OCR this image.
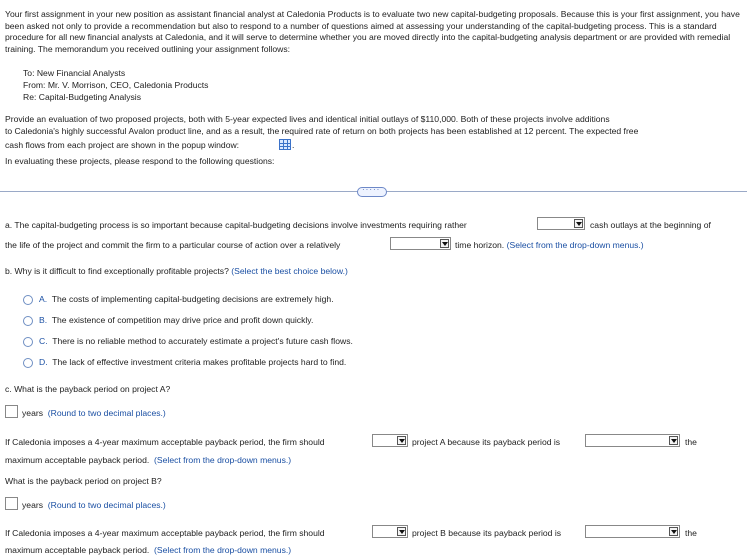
Your first assignment in your new position as assistant financial analyst at Caledonia Products is to evaluate two new capital-budgeting proposals. Because this is your first assignment, you have been asked not only to provide a recommendation but also to respond to a number of questions aimed at assessing your understanding of the capital-budgeting process. This is a standard procedure for all new financial analysts at Caledonia, and it will serve to determine whether you are moved directly into the capital-budgeting analysis department or are provided with remedial training. The memorandum you received outlining your assignment follows:
To: New Financial Analysts
From: Mr. V. Morrison, CEO, Caledonia Products
Re: Capital-Budgeting Analysis
Provide an evaluation of two proposed projects, both with 5-year expected lives and identical initial outlays of $110,000. Both of these projects involve additions
to Caledonia's highly successful Avalon product line, and as a result, the required rate of return on both projects has been established at 12 percent. The expected free
cash flows from each project are shown in the popup window:	.
In evaluating these projects, please respond to the following questions:
·····
a. The capital-budgeting process is so important because capital-budgeting decisions involve investments requiring rather	cash outlays at the beginning of
the life of the project and commit the firm to a particular course of action over a relatively	time horizon. (Select from the drop-down menus.)
b. Why is it difficult to find exceptionally profitable projects? (Select the best choice below.)
A. The costs of implementing capital-budgeting decisions are extremely high.
B. The existence of competition may drive price and profit down quickly.
C. There is no reliable method to accurately estimate a project's future cash flows.
D. The lack of effective investment criteria makes profitable projects hard to find.
c. What is the payback period on project A?
years (Round to two decimal places.)
If Caledonia imposes a 4-year maximum acceptable payback period, the firm should	project A because its payback period is	the
maximum acceptable payback period. (Select from the drop-down menus.)
What is the payback period on project B?
years (Round to two decimal places.)
If Caledonia imposes a 4-year maximum acceptable payback period, the firm should	project B because its payback period is	the
maximum acceptable payback period. (Select from the drop-down menus.)
